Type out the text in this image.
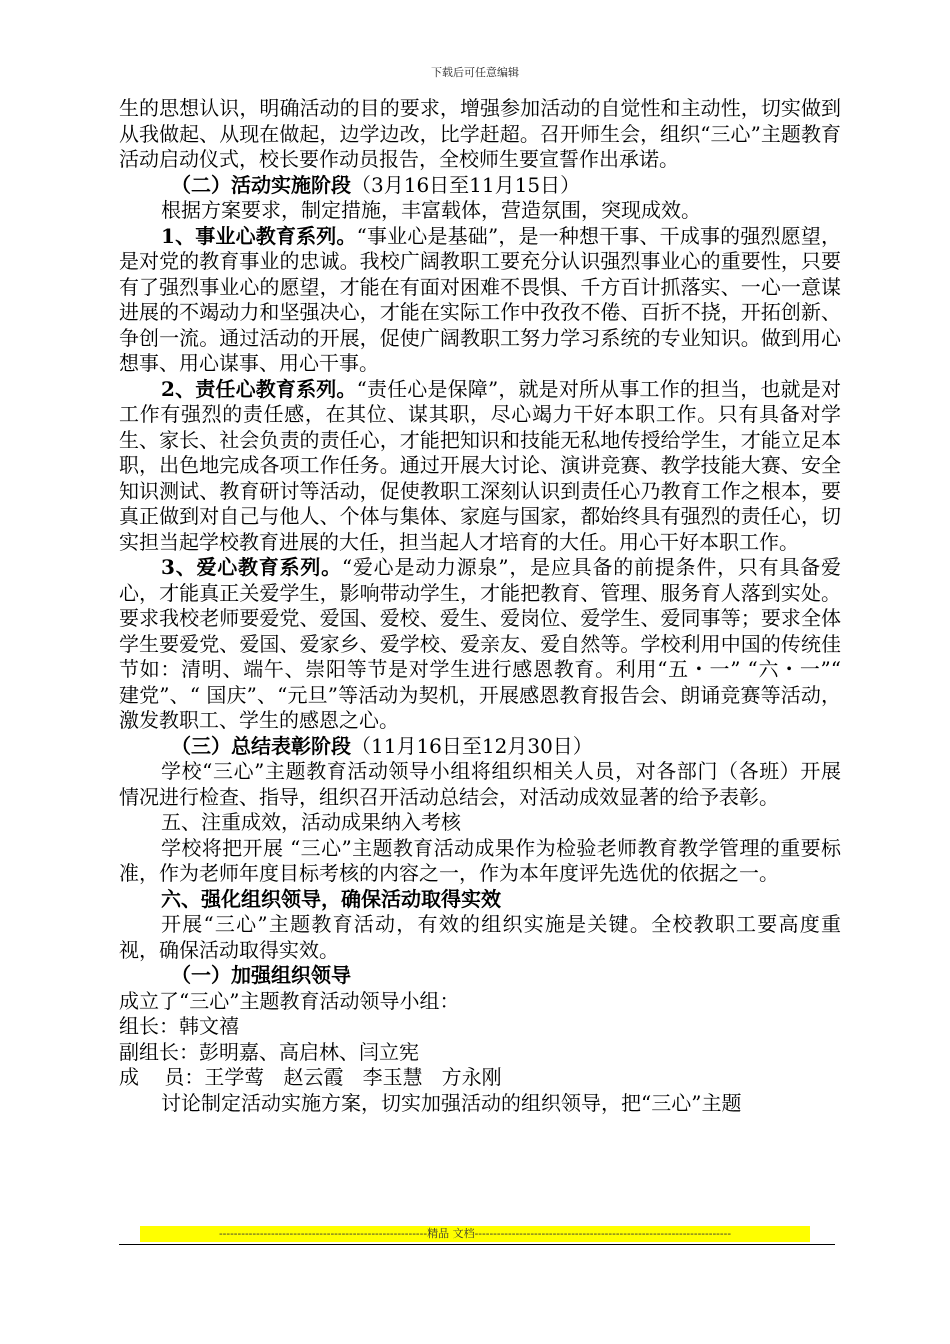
下载后可任意编辑

生的思想认识，明确活动的目的要求，增强参加活动的自觉性和主动性，切实做到从我做起、从现在做起，边学边改，比学赶超。召开师生会，组织“三心”主题教育活动启动仪式，校长要作动员报告，全校师生要宣誓作出承诺。

（二）活动实施阶段（3月16日至11月15日）

根据方案要求，制定措施，丰富载体，营造氛围，突现成效。

1、事业心教育系列。“事业心是基础”，是一种想干事、干成事的强烈愿望，是对党的教育事业的忠诚。我校广阔教职工要充分认识强烈事业心的重要性，只要有了强烈事业心的愿望，才能在有面对困难不畏惧、千方百计抓落实、一心一意谋进展的不竭动力和坚强决心，才能在实际工作中孜孜不倦、百折不挠，开拓创新、争创一流。通过活动的开展，促使广阔教职工努力学习系统的专业知识。做到用心想事、用心谋事、用心干事。

2、责任心教育系列。“责任心是保障”，就是对所从事工作的担当，也就是对工作有强烈的责任感，在其位、谋其职，尽心竭力干好本职工作。只有具备对学生、家长、社会负责的责任心，才能把知识和技能无私地传授给学生，才能立足本职，出色地完成各项工作任务。通过开展大讨论、演讲竞赛、教学技能大赛、安全知识测试、教育研讨等活动，促使教职工深刻认识到责任心乃教育工作之根本，要真正做到对自己与他人、个体与集体、家庭与国家，都始终具有强烈的责任心，切实担当起学校教育进展的大任，担当起人才培育的大任。用心干好本职工作。

3、爱心教育系列。“爱心是动力源泉”，是应具备的前提条件，只有具备爱心，才能真正关爱学生，影响带动学生，才能把教育、管理、服务育人落到实处。要求我校老师要爱党、爱国、爱校、爱生、爱岗位、爱学生、爱同事等；要求全体学生要爱党、爱国、爱家乡、爱学校、爱亲友、爱自然等。学校利用中国的传统佳节如：清明、端午、崇阳等节是对学生进行感恩教育。利用“五・一” “六・一”“ 建党”、“ 国庆”、“元旦”等活动为契机，开展感恩教育报告会、朗诵竞赛等活动，激发教职工、学生的感恩之心。

（三）总结表彰阶段（11月16日至12月30日）

学校“三心”主题教育活动领导小组将组织相关人员，对各部门（各班）开展情况进行检查、指导，组织召开活动总结会，对活动成效显著的给予表彰。

五、注重成效，活动成果纳入考核

学校将把开展 “三心”主题教育活动成果作为检验老师教育教学管理的重要标准，作为老师年度目标考核的内容之一，作为本年度评先选优的依据之一。

六、强化组织领导，确保活动取得实效

开展“三心”主题教育活动，有效的组织实施是关键。全校教职工要高度重视，确保活动取得实效。

（一）加强组织领导

成立了“三心”主题教育活动领导小组：

组长：韩文禧

副组长：彭明嘉、高启林、闫立宪

成    员：王学莺   赵云霞   李玉慧   方永刚

讨论制定活动实施方案，切实加强活动的组织领导，把“三心”主题

--------------------------------------------------------精品 文档---------------------------------------------------------------------
